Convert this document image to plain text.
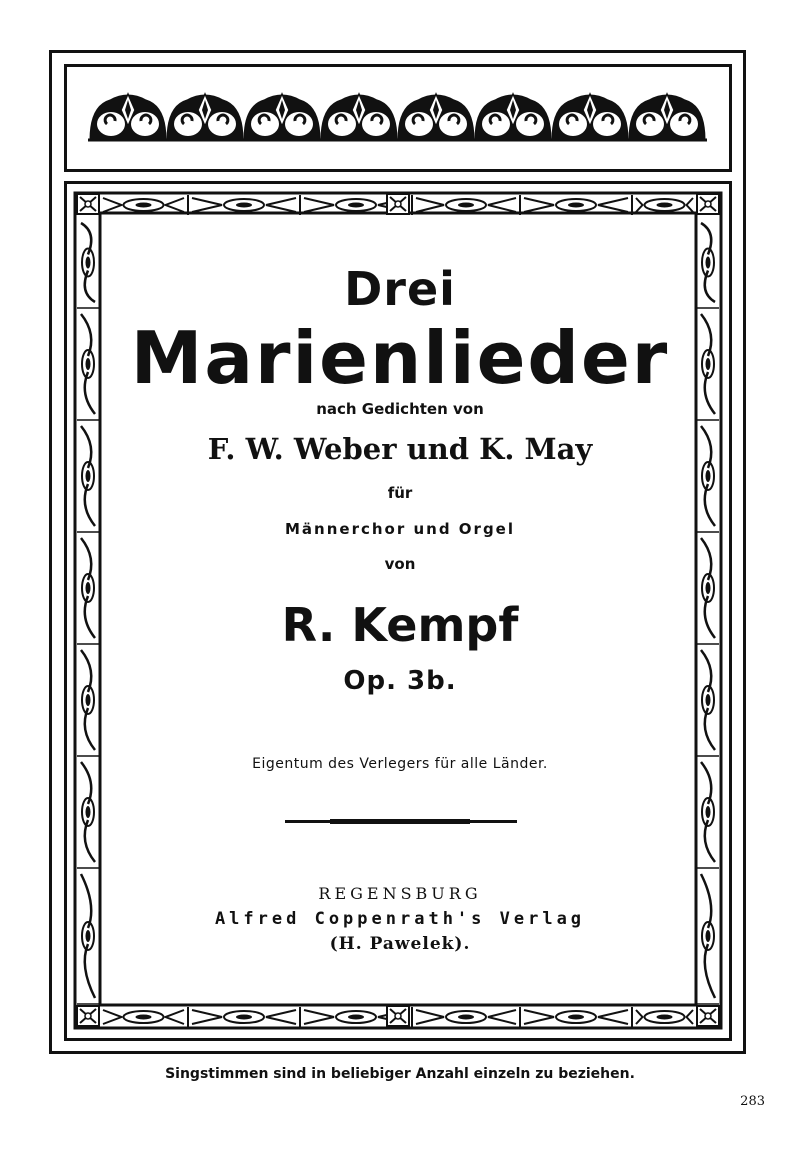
Drei

Marienlieder

nach Gedichten von

F. W. Weber und K. May

für

Männerchor und Orgel

von

R. Kempf

Op. 3b.

Eigentum des Verlegers für alle Länder.

REGENSBURG

Alfred Coppenrath's Verlag

(H. Pawelek).

Singstimmen sind in beliebiger Anzahl einzeln zu beziehen.

283
